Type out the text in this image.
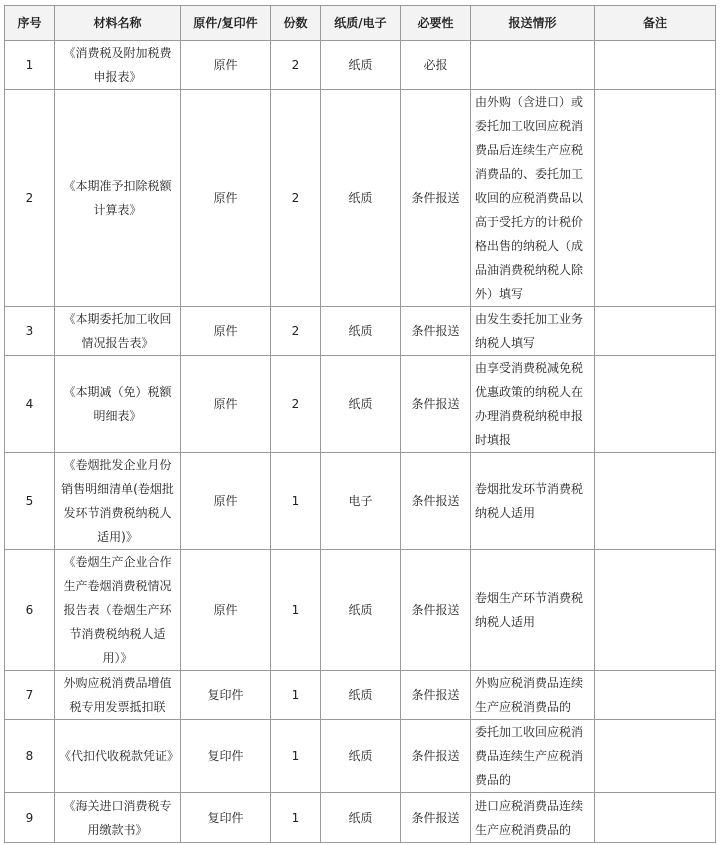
序号	材料名称	原件/复印件	份数	纸质/电子	必要性	报送情形	备注
1	《消费税及附加税费申报表》	原件	2	纸质	必报		
2	《本期准予扣除税额计算表》	原件	2	纸质	条件报送	由外购（含进口）或委托加工收回应税消费品后连续生产应税消费品的、委托加工收回的应税消费品以高于受托方的计税价格出售的纳税人（成品油消费税纳税人除外）填写	
3	《本期委托加工收回情况报告表》	原件	2	纸质	条件报送	由发生委托加工业务纳税人填写	
4	《本期减（免）税额明细表》	原件	2	纸质	条件报送	由享受消费税减免税优惠政策的纳税人在办理消费税纳税申报时填报	
5	《卷烟批发企业月份销售明细清单(卷烟批发环节消费税纳税人适用)》	原件	1	电子	条件报送	卷烟批发环节消费税纳税人适用	
6	《卷烟生产企业合作生产卷烟消费税情况报告表（卷烟生产环节消费税纳税人适用）》	原件	1	纸质	条件报送	卷烟生产环节消费税纳税人适用	
7	外购应税消费品增值税专用发票抵扣联	复印件	1	纸质	条件报送	外购应税消费品连续生产应税消费品的	
8	《代扣代收税款凭证》	复印件	1	纸质	条件报送	委托加工收回应税消费品连续生产应税消费品的	
9	《海关进口消费税专用缴款书》	复印件	1	纸质	条件报送	进口应税消费品连续生产应税消费品的	
